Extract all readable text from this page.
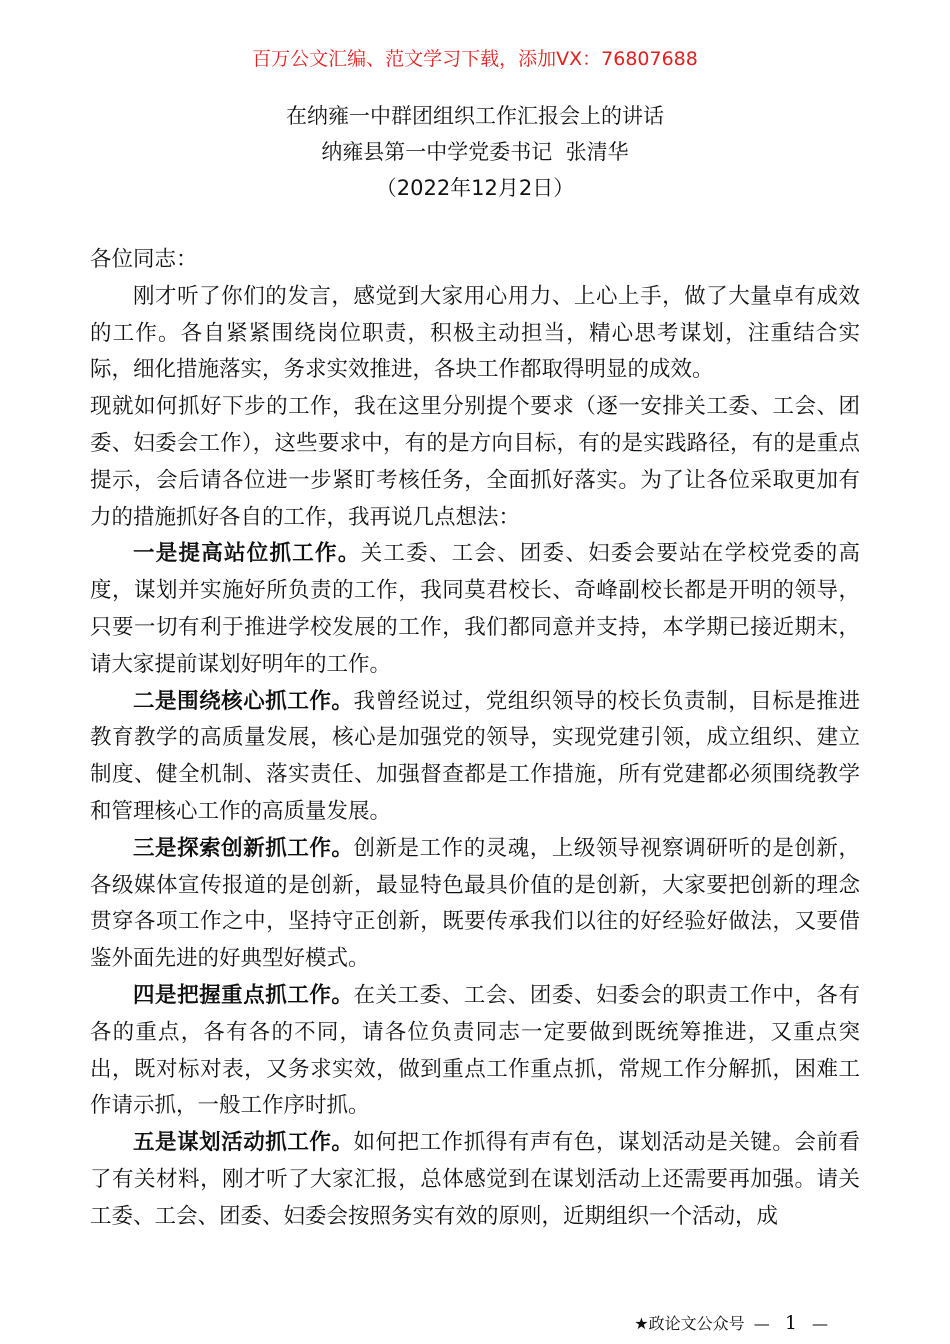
百万公文汇编、范文学习下载，添加VX：76807688
在纳雍一中群团组织工作汇报会上的讲话
纳雍县第一中学党委书记  张清华
（2022年12月2日）

各位同志：

刚才听了你们的发言，感觉到大家用心用力、上心上手，做了大量卓有成效的工作。各自紧紧围绕岗位职责，积极主动担当，精心思考谋划，注重结合实际，细化措施落实，务求实效推进，各块工作都取得明显的成效。

现就如何抓好下步的工作，我在这里分别提个要求（逐一安排关工委、工会、团委、妇委会工作），这些要求中，有的是方向目标，有的是实践路径，有的是重点提示，会后请各位进一步紧盯考核任务，全面抓好落实。为了让各位采取更加有力的措施抓好各自的工作，我再说几点想法：

一是提高站位抓工作。关工委、工会、团委、妇委会要站在学校党委的高度，谋划并实施好所负责的工作，我同莫君校长、奇峰副校长都是开明的领导，只要一切有利于推进学校发展的工作，我们都同意并支持，本学期已接近期末，请大家提前谋划好明年的工作。

二是围绕核心抓工作。我曾经说过，党组织领导的校长负责制，目标是推进教育教学的高质量发展，核心是加强党的领导，实现党建引领，成立组织、建立制度、健全机制、落实责任、加强督查都是工作措施，所有党建都必须围绕教学和管理核心工作的高质量发展。

三是探索创新抓工作。创新是工作的灵魂，上级领导视察调研听的是创新，各级媒体宣传报道的是创新，最显特色最具价值的是创新，大家要把创新的理念贯穿各项工作之中，坚持守正创新，既要传承我们以往的好经验好做法，又要借鉴外面先进的好典型好模式。

四是把握重点抓工作。在关工委、工会、团委、妇委会的职责工作中，各有各的重点，各有各的不同，请各位负责同志一定要做到既统筹推进，又重点突出，既对标对表，又务求实效，做到重点工作重点抓，常规工作分解抓，困难工作请示抓，一般工作序时抓。

五是谋划活动抓工作。如何把工作抓得有声有色，谋划活动是关键。会前看了有关材料，刚才听了大家汇报，总体感觉到在谋划活动上还需要再加强。请关工委、工会、团委、妇委会按照务实有效的原则，近期组织一个活动，成

★政论文公众号 — 1 —
